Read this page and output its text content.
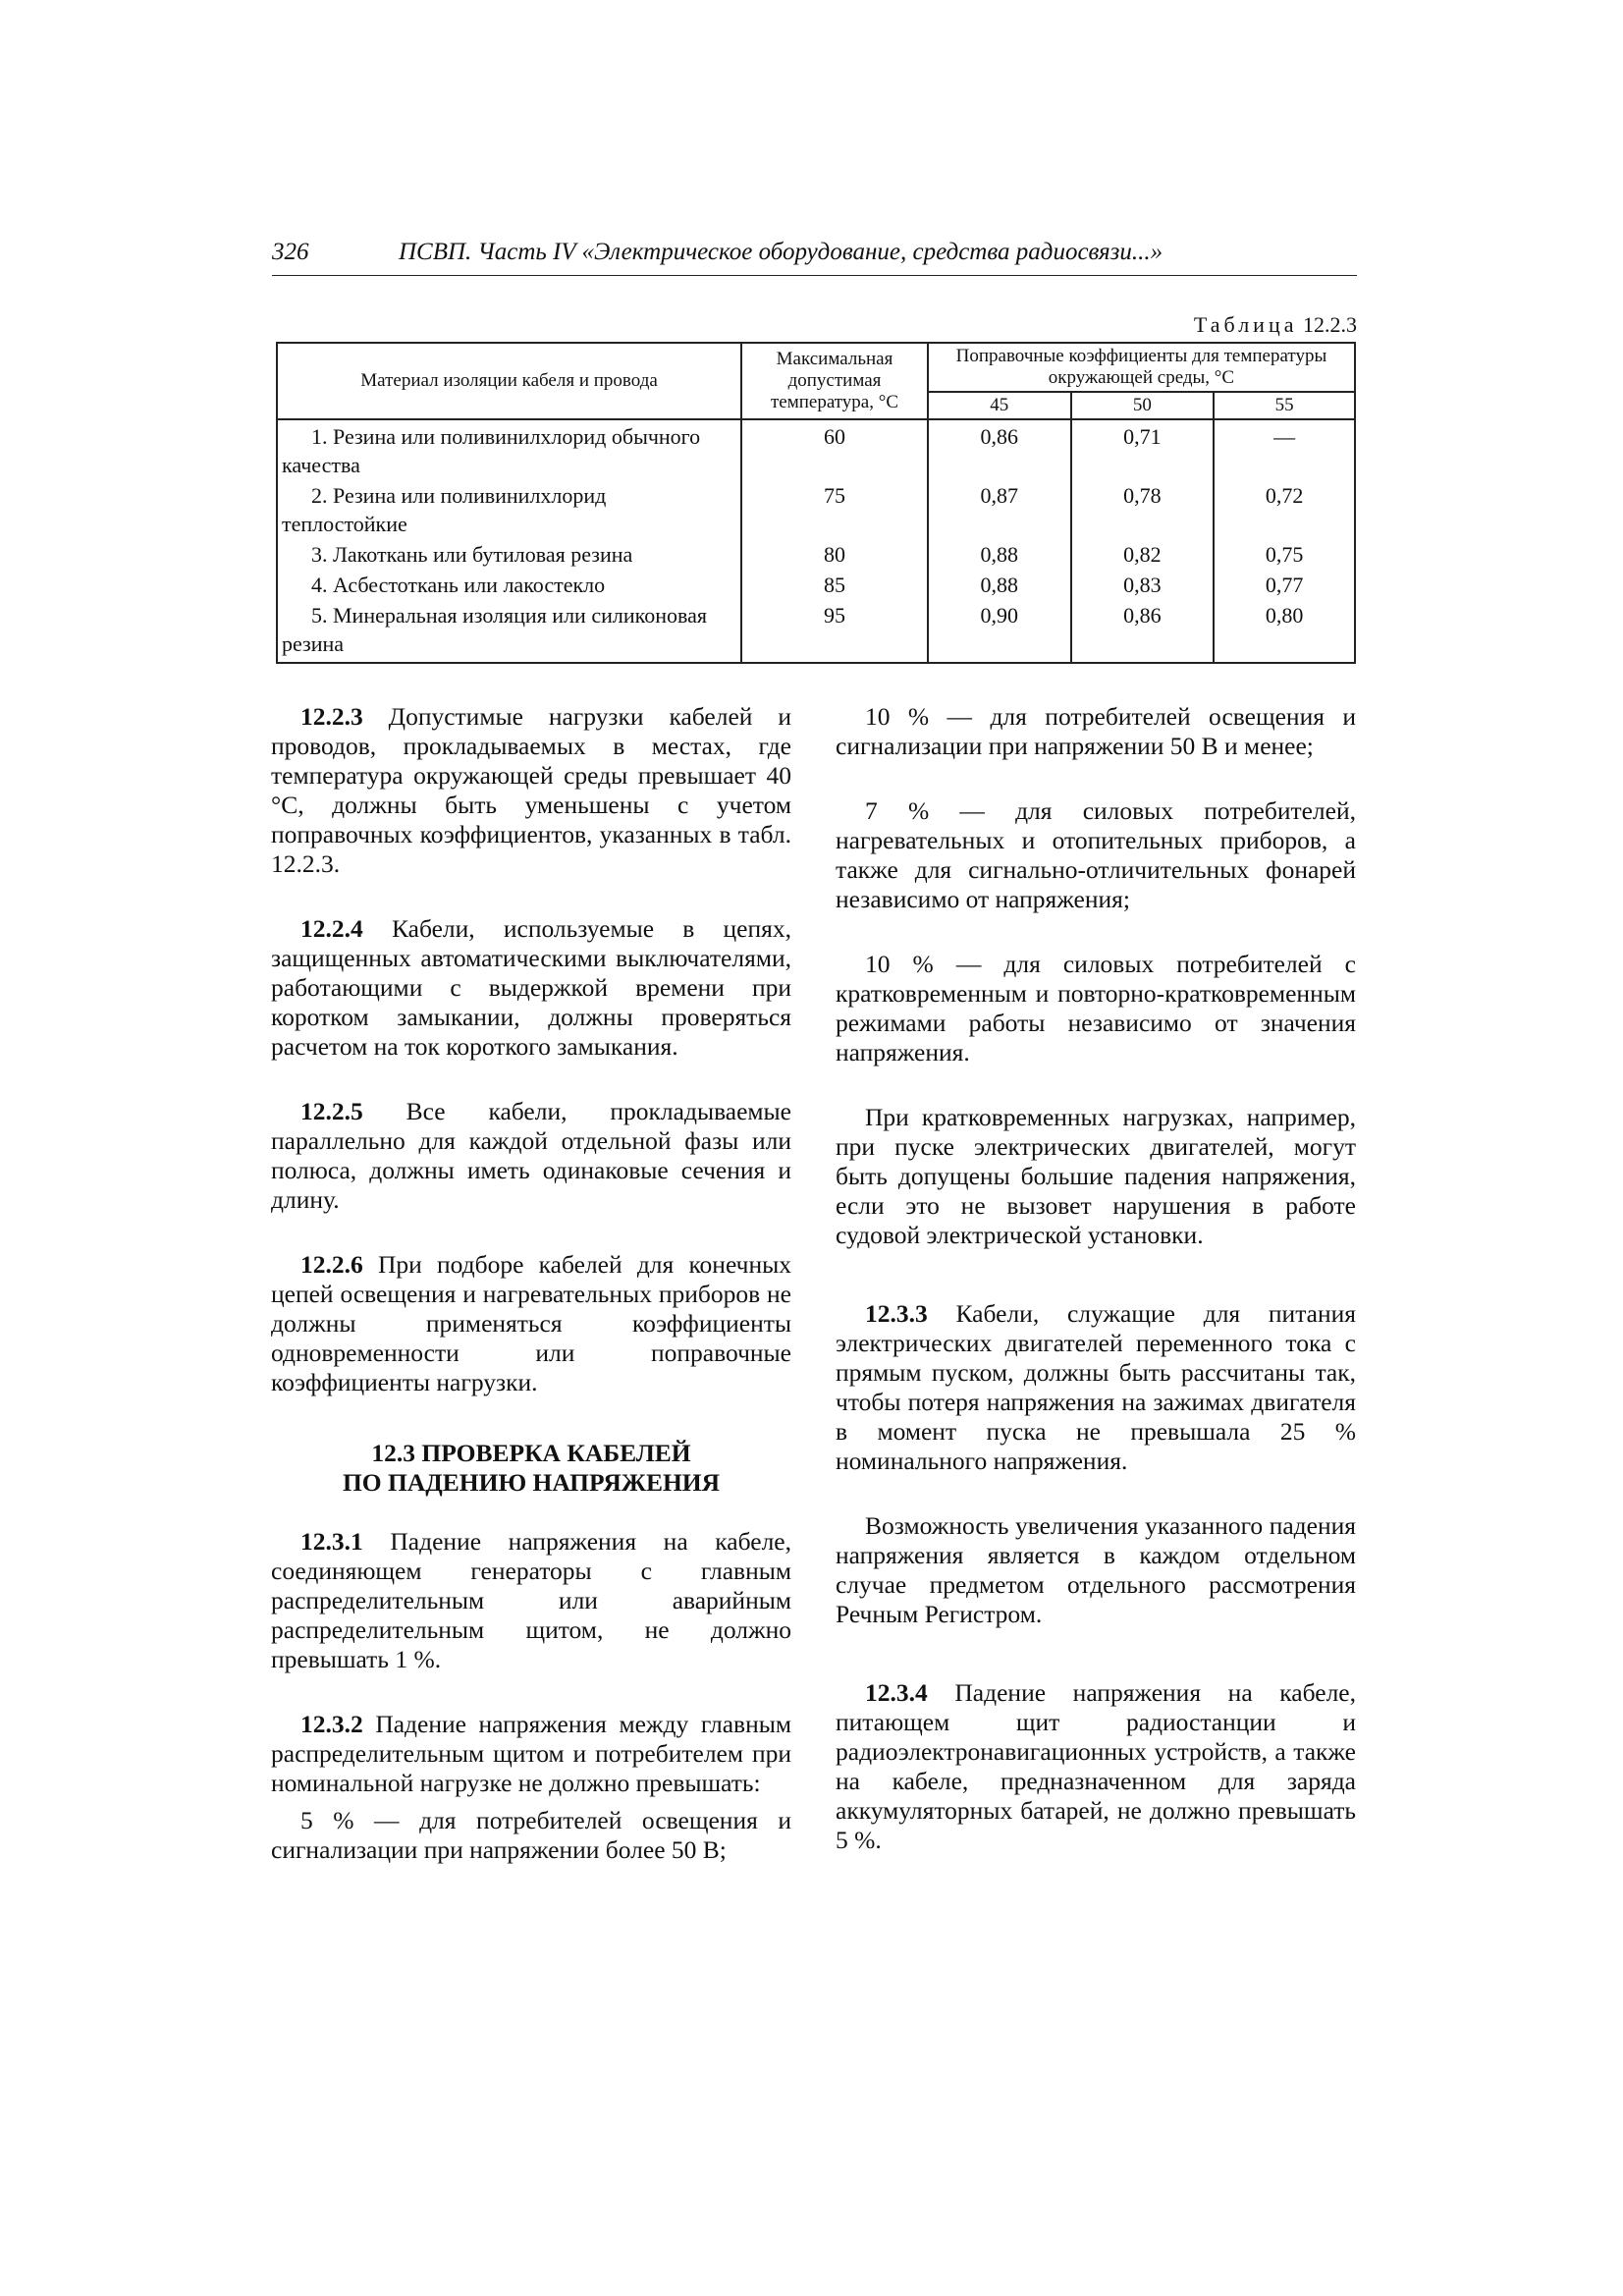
326	ПСВП. Часть IV «Электрическое оборудование, средства радиосвязи...»
Таблица 12.2.3
Материал изоляции кабеля и провода	Максимальная допустимая температура, °С	Поправочные коэффициенты для температуры окружающей среды, °С		
		45	50	55
1. Резина или поливинилхлорид обычного качества	60	0,86	0,71	—
2. Резина или поливинилхлорид теплостойкие	75	0,87	0,78	0,72
3. Лакоткань или бутиловая резина	80	0,88	0,82	0,75
4. Асбестоткань или лакостекло	85	0,88	0,83	0,77
5. Минеральная изоляция или силиконовая резина	95	0,90	0,86	0,80

12.2.3 Допустимые нагрузки кабелей и проводов, прокладываемых в местах, где температура окружающей среды превышает 40 °С, должны быть уменьшены с учетом поправочных коэффициентов, указанных в табл. 12.2.3.

12.2.4 Кабели, используемые в цепях, защищенных автоматическими выключателями, работающими с выдержкой времени при коротком замыкании, должны проверяться расчетом на ток короткого замыкания.

12.2.5 Все кабели, прокладываемые параллельно для каждой отдельной фазы или полюса, должны иметь одинаковые сечения и длину.

12.2.6 При подборе кабелей для конечных цепей освещения и нагревательных приборов не должны применяться коэффициенты одновременности или поправочные коэффициенты нагрузки.

12.3 ПРОВЕРКА КАБЕЛЕЙ
ПО ПАДЕНИЮ НАПРЯЖЕНИЯ

12.3.1 Падение напряжения на кабеле, соединяющем генераторы с главным распределительным или аварийным распределительным щитом, не должно превышать 1 %.

12.3.2 Падение напряжения между главным распределительным щитом и потребителем при номинальной нагрузке не должно превышать:

5 % — для потребителей освещения и сигнализации при напряжении более 50 В;

10 % — для потребителей освещения и сигнализации при напряжении 50 В и менее;

7 % — для силовых потребителей, нагревательных и отопительных приборов, а также для сигнально-отличительных фонарей независимо от напряжения;

10 % — для силовых потребителей с кратковременным и повторно-кратковременным режимами работы независимо от значения напряжения.

При кратковременных нагрузках, например, при пуске электрических двигателей, могут быть допущены большие падения напряжения, если это не вызовет нарушения в работе судовой электрической установки.

12.3.3 Кабели, служащие для питания электрических двигателей переменного тока с прямым пуском, должны быть рассчитаны так, чтобы потеря напряжения на зажимах двигателя в момент пуска не превышала 25 % номинального напряжения.

Возможность увеличения указанного падения напряжения является в каждом отдельном случае предметом отдельного рассмотрения Речным Регистром.

12.3.4 Падение напряжения на кабеле, питающем щит радиостанции и радиоэлектронавигационных устройств, а также на кабеле, предназначенном для заряда аккумуляторных батарей, не должно превышать 5 %.
